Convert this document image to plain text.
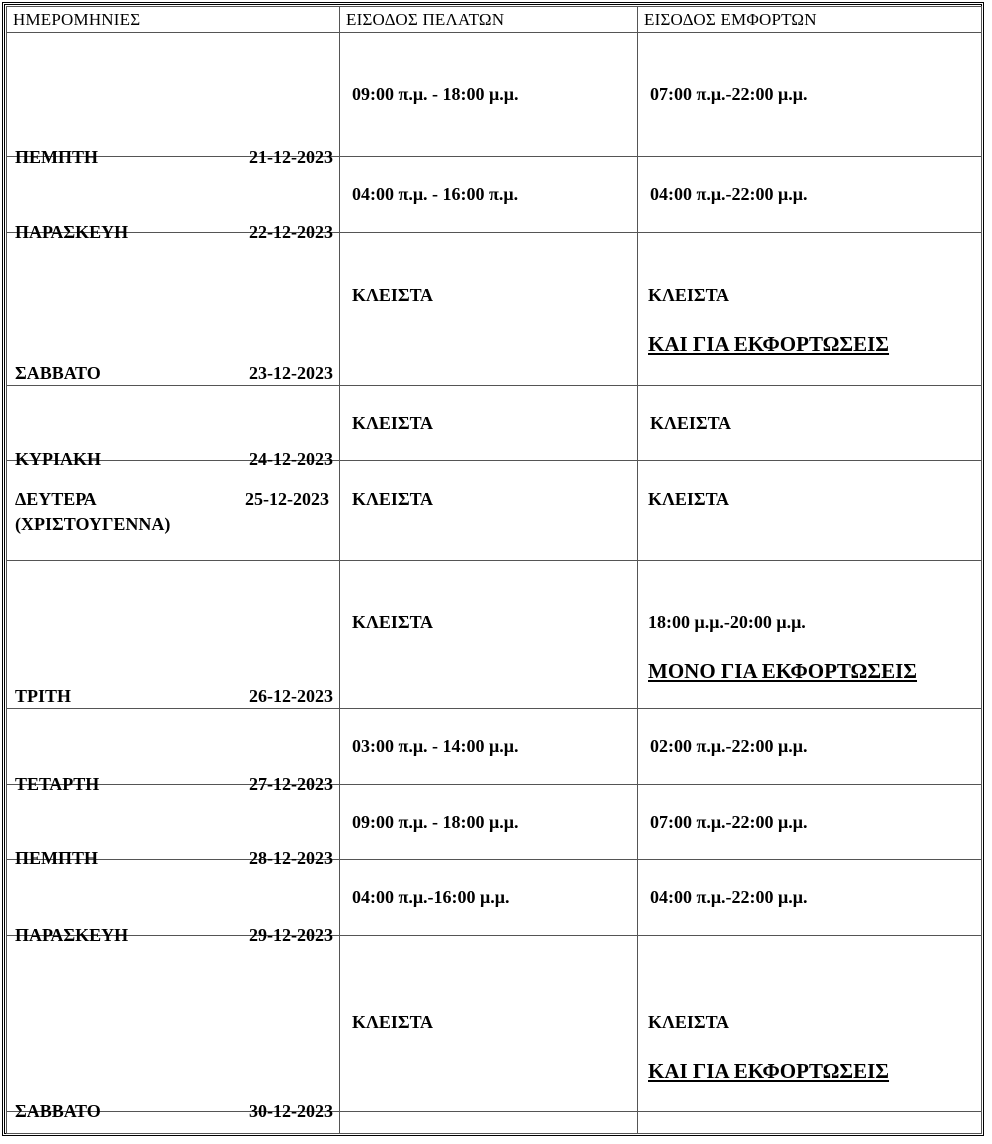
ΗΜΕΡΟΜΗΝΙΕΣ	ΕΙΣΟΔΟΣ ΠΕΛΑΤΩΝ	ΕΙΣΟΔΟΣ ΕΜΦΟΡΤΩΝ

ΠΕΜΠΤΗ 21-12-2023	09:00 π.μ. - 18:00 μ.μ.	07:00 π.μ.-22:00 μ.μ.

ΠΑΡΑΣΚΕΥΗ 22-12-2023	04:00 π.μ. - 16:00 π.μ.	04:00 π.μ.-22:00 μ.μ.

ΣΑΒΒΑΤΟ 23-12-2023	ΚΛΕΙΣΤΑ	ΚΛΕΙΣΤΑ
ΚΑΙ ΓΙΑ ΕΚΦΟΡΤΩΣΕΙΣ

ΚΥΡΙΑΚΗ 24-12-2023	ΚΛΕΙΣΤΑ	ΚΛΕΙΣΤΑ

ΔΕΥΤΕΡΑ
(ΧΡΙΣΤΟΥΓΕΝΝΑ)
25-12-2023	ΚΛΕΙΣΤΑ	ΚΛΕΙΣΤΑ

ΤΡΙΤΗ 26-12-2023	ΚΛΕΙΣΤΑ	18:00 μ.μ.-20:00 μ.μ.
ΜΟΝΟ ΓΙΑ ΕΚΦΟΡΤΩΣΕΙΣ

ΤΕΤΑΡΤΗ 27-12-2023	03:00 π.μ. - 14:00 μ.μ.	02:00 π.μ.-22:00 μ.μ.

ΠΕΜΠΤΗ 28-12-2023	09:00 π.μ. - 18:00 μ.μ.	07:00 π.μ.-22:00 μ.μ.

ΠΑΡΑΣΚΕΥΗ 29-12-2023	04:00 π.μ.-16:00 μ.μ.	04:00 π.μ.-22:00 μ.μ.

ΣΑΒΒΑΤΟ 30-12-2023	ΚΛΕΙΣΤΑ	ΚΛΕΙΣΤΑ
ΚΑΙ ΓΙΑ ΕΚΦΟΡΤΩΣΕΙΣ
